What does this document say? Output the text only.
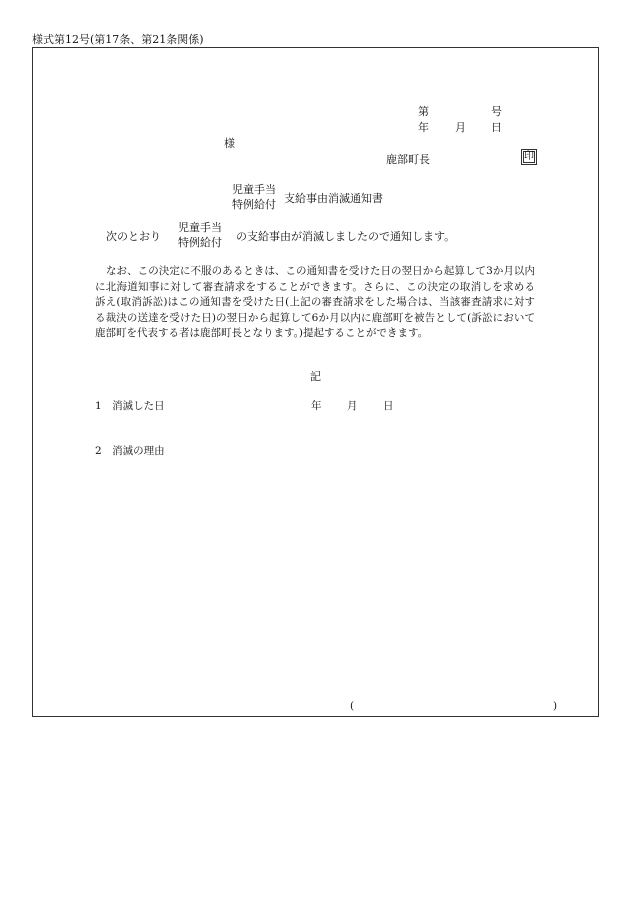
様式第12号(第17条、第21条関係)
第	号
年 月 日
様
鹿部町長	印
児童手当
特例給付 支給事由消滅通知書
次のとおり
児童手当
特例給付 の支給事由が消滅しましたので通知します。
なお、この決定に不服のあるときは、この通知書を受けた日の翌日から起算して3か月以内に北海道知事に対して審査請求をすることができます。さらに、この決定の取消しを求める訴え(取消訴訟)はこの通知書を受けた日(上記の審査請求をした場合は、当該審査請求に対する裁決の送達を受けた日)の翌日から起算して6か月以内に鹿部町を被告として(訴訟において鹿部町を代表する者は鹿部町長となります。)提起することができます。
記
1　消滅した日	年 月 日
2　消滅の理由
(	)
